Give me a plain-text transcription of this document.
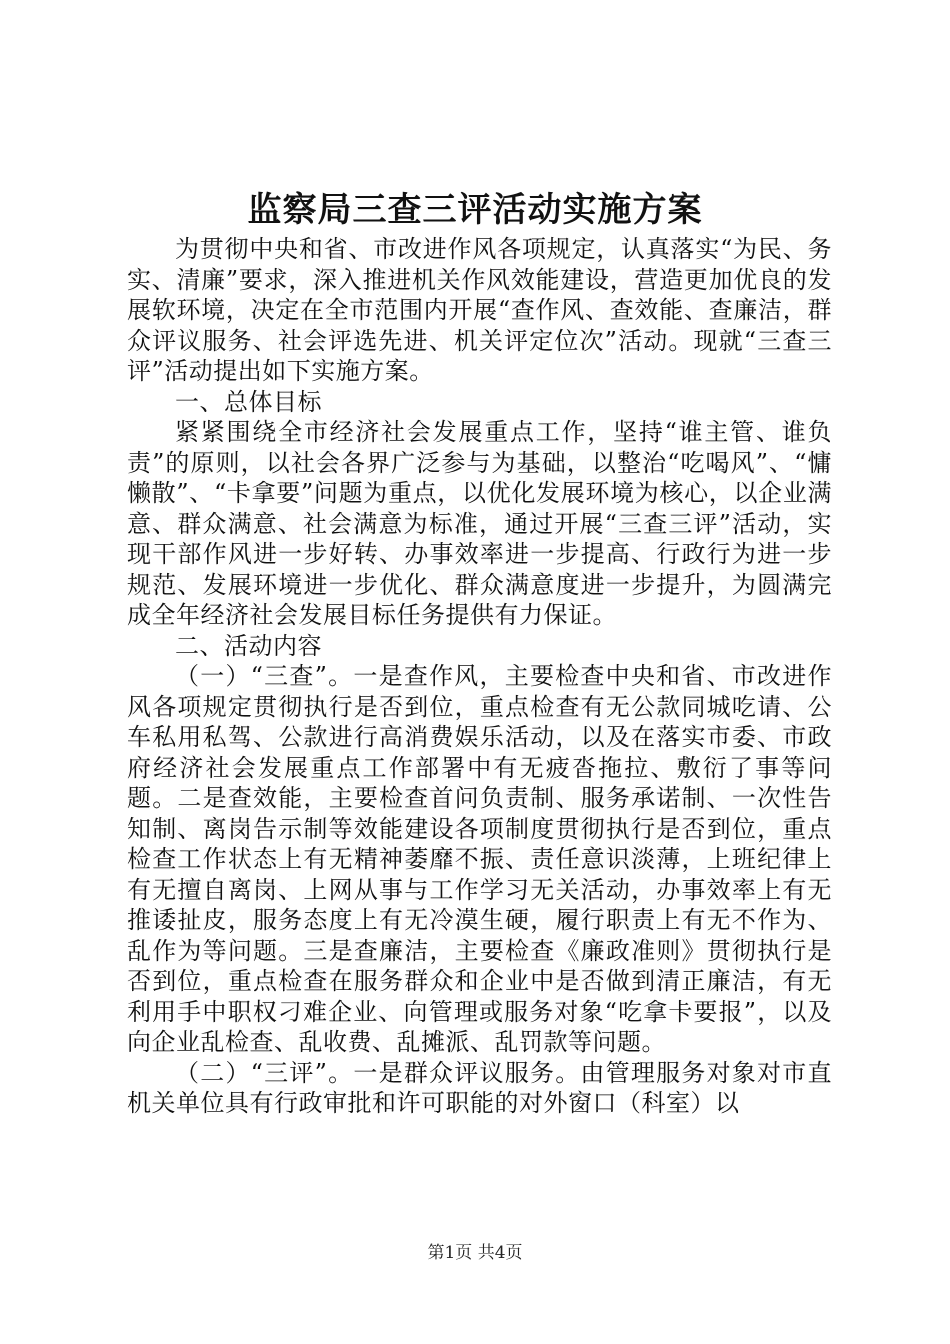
监察局三查三评活动实施方案

为贯彻中央和省、市改进作风各项规定，认真落实“为民、务实、清廉”要求，深入推进机关作风效能建设，营造更加优良的发展软环境，决定在全市范围内开展“查作风、查效能、查廉洁，群众评议服务、社会评选先进、机关评定位次”活动。现就“三查三评”活动提出如下实施方案。

一、总体目标

紧紧围绕全市经济社会发展重点工作，坚持“谁主管、谁负责”的原则，以社会各界广泛参与为基础，以整治“吃喝风”、“慵懒散”、“卡拿要”问题为重点，以优化发展环境为核心，以企业满意、群众满意、社会满意为标准，通过开展“三查三评”活动，实现干部作风进一步好转、办事效率进一步提高、行政行为进一步规范、发展环境进一步优化、群众满意度进一步提升，为圆满完成全年经济社会发展目标任务提供有力保证。

二、活动内容

（一）“三查”。一是查作风，主要检查中央和省、市改进作风各项规定贯彻执行是否到位，重点检查有无公款同城吃请、公车私用私驾、公款进行高消费娱乐活动，以及在落实市委、市政府经济社会发展重点工作部署中有无疲沓拖拉、敷衍了事等问题。二是查效能，主要检查首问负责制、服务承诺制、一次性告知制、离岗告示制等效能建设各项制度贯彻执行是否到位，重点检查工作状态上有无精神萎靡不振、责任意识淡薄，上班纪律上有无擅自离岗、上网从事与工作学习无关活动，办事效率上有无推诿扯皮，服务态度上有无冷漠生硬，履行职责上有无不作为、乱作为等问题。三是查廉洁，主要检查《廉政准则》贯彻执行是否到位，重点检查在服务群众和企业中是否做到清正廉洁，有无利用手中职权刁难企业、向管理或服务对象“吃拿卡要报”，以及向企业乱检查、乱收费、乱摊派、乱罚款等问题。

（二）“三评”。一是群众评议服务。由管理服务对象对市直机关单位具有行政审批和许可职能的对外窗口（科室）以

第1页 共4页
